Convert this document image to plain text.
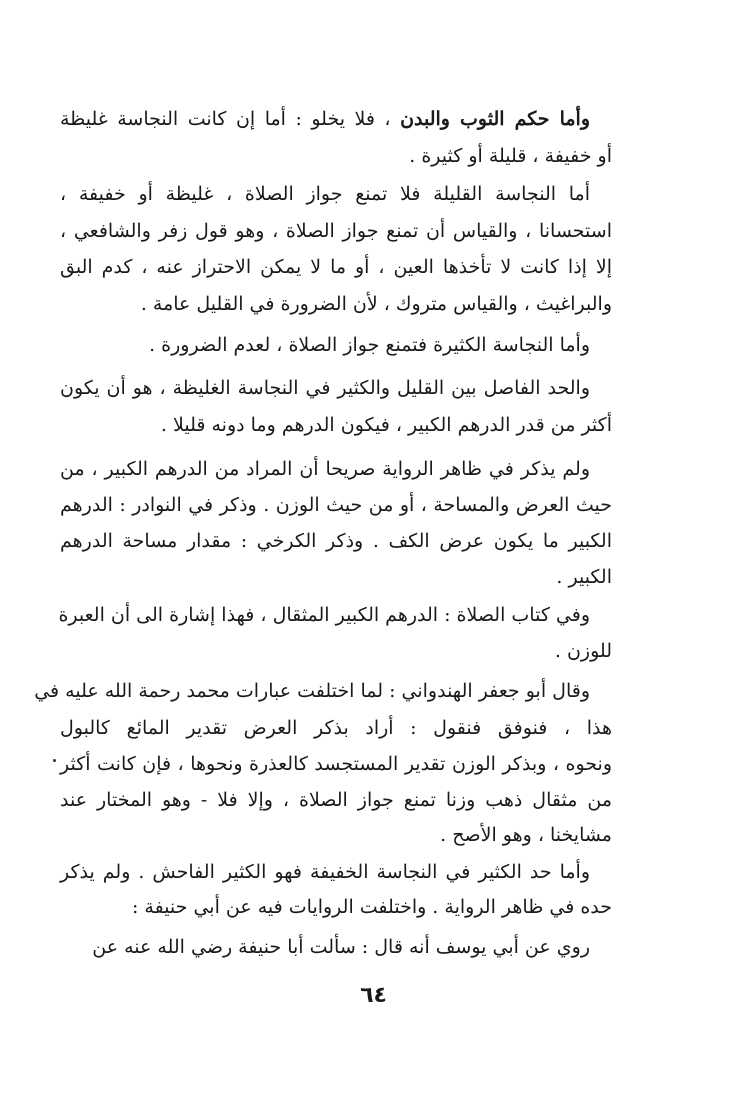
وأما حكم الثوب والبدن ، فلا يخلو : أما إن كانت النجاسة غليظة
أو خفيفة ، قليلة أو كثيرة .
أما النجاسة القليلة فلا تمنع جواز الصلاة ، غليظة أو خفيفة ،
استحسانا ، والقياس أن تمنع جواز الصلاة ، وهو قول زفر والشافعي ،
إلا إذا كانت لا تأخذها العين ، أو ما لا يمكن الاحتراز عنه ، كدم البق
والبراغيث ، والقياس متروك ، لأن الضرورة في القليل عامة .
وأما النجاسة الكثيرة فتمنع جواز الصلاة ، لعدم الضرورة .
والحد الفاصل بين القليل والكثير في النجاسة الغليظة ، هو أن يكون
أكثر من قدر الدرهم الكبير ، فيكون الدرهم وما دونه قليلا .
ولم يذكر في ظاهر الرواية صريحا أن المراد من الدرهم الكبير ، من
حيث العرض والمساحة ، أو من حيث الوزن . وذكر في النوادر : الدرهم
الكبير ما يكون عرض الكف . وذكر الكرخي : مقدار مساحة الدرهم
الكبير .
وفي كتاب الصلاة : الدرهم الكبير المثقال ، فهذا إشارة الى أن العبرة
للوزن .
وقال أبو جعفر الهندواني : لما اختلفت عبارات محمد رحمة الله عليه في
هذا ، فنوفق فنقول : أراد بذكر العرض تقدير المائع كالبول
ونحوه ، وبذكر الوزن تقدير المستجسد كالعذرة ونحوها ، فإن كانت أكثر
من مثقال ذهب وزنا تمنع جواز الصلاة ، وإلا فلا - وهو المختار عند
مشايخنا ، وهو الأصح .
وأما حد الكثير في النجاسة الخفيفة فهو الكثير الفاحش . ولم يذكر
حده في ظاهر الرواية . واختلفت الروايات فيه عن أبي حنيفة :
روي عن أبي يوسف أنه قال : سألت أبا حنيفة رضي الله عنه عن
٦٤
